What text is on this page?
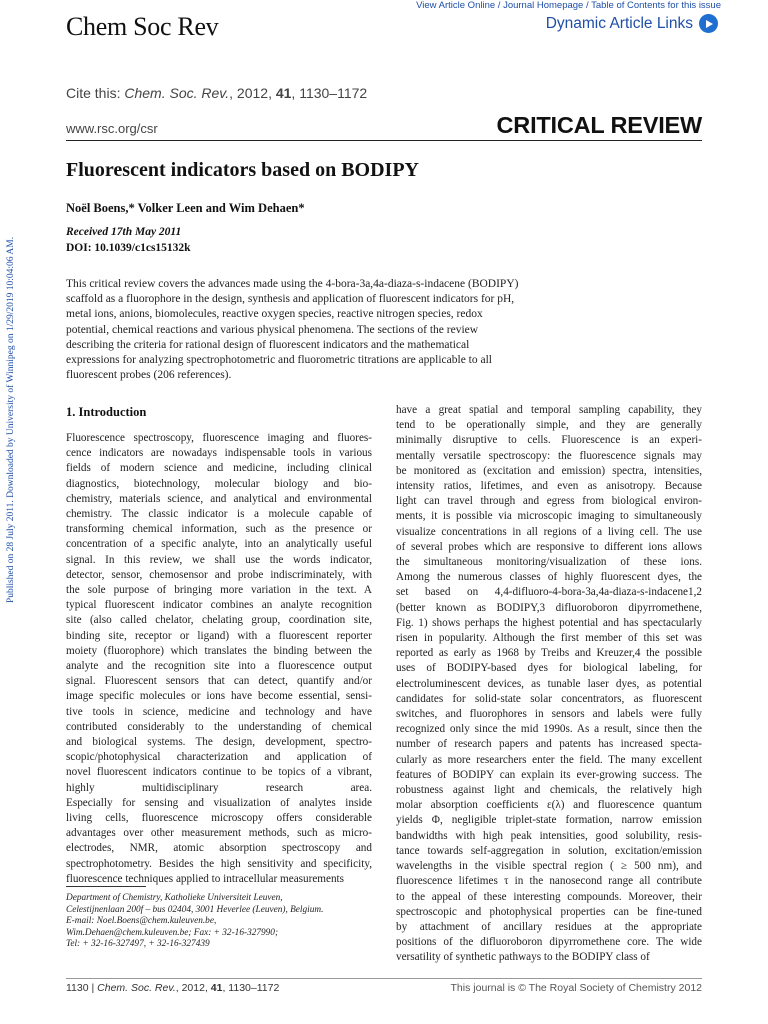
View Article Online / Journal Homepage / Table of Contents for this issue
Chem Soc Rev	Dynamic Article Links
Cite this: Chem. Soc. Rev., 2012, 41, 1130–1172
www.rsc.org/csr	CRITICAL REVIEW
Published on 28 July 2011. Downloaded by University of Winnipeg on 1/29/2019 10:04:06 AM.
Fluorescent indicators based on BODIPY
Noël Boens,* Volker Leen and Wim Dehaen*
Received 17th May 2011
DOI: 10.1039/c1cs15132k
This critical review covers the advances made using the 4-bora-3a,4a-diaza-s-indacene (BODIPY)
scaffold as a fluorophore in the design, synthesis and application of fluorescent indicators for pH,
metal ions, anions, biomolecules, reactive oxygen species, reactive nitrogen species, redox
potential, chemical reactions and various physical phenomena. The sections of the review
describing the criteria for rational design of fluorescent indicators and the mathematical
expressions for analyzing spectrophotometric and fluorometric titrations are applicable to all
fluorescent probes (206 references).
1. Introduction
Fluorescence spectroscopy, fluorescence imaging and fluores-
cence indicators are nowadays indispensable tools in various
fields of modern science and medicine, including clinical
diagnostics, biotechnology, molecular biology and bio-
chemistry, materials science, and analytical and environmental
chemistry. The classic indicator is a molecule capable of
transforming chemical information, such as the presence or
concentration of a specific analyte, into an analytically useful
signal. In this review, we shall use the words indicator,
detector, sensor, chemosensor and probe indiscriminately, with
the sole purpose of bringing more variation in the text. A
typical fluorescent indicator combines an analyte recognition
site (also called chelator, chelating group, coordination site,
binding site, receptor or ligand) with a fluorescent reporter
moiety (fluorophore) which translates the binding between the
analyte and the recognition site into a fluorescence output
signal. Fluorescent sensors that can detect, quantify and/or
image specific molecules or ions have become essential, sensi-
tive tools in science, medicine and technology and have
contributed considerably to the understanding of chemical
and biological systems. The design, development, spectro-
scopic/photophysical characterization and application of
novel fluorescent indicators continue to be topics of a vibrant,
highly multidisciplinary research area.
Especially for sensing and visualization of analytes inside
living cells, fluorescence microscopy offers considerable
advantages over other measurement methods, such as micro-
electrodes, NMR, atomic absorption spectroscopy and
spectrophotometry. Besides the high sensitivity and specificity,
fluorescence techniques applied to intracellular measurements
have a great spatial and temporal sampling capability, they
tend to be operationally simple, and they are generally
minimally disruptive to cells. Fluorescence is an experi-
mentally versatile spectroscopy: the fluorescence signals may
be monitored as (excitation and emission) spectra, intensities,
intensity ratios, lifetimes, and even as anisotropy. Because
light can travel through and egress from biological environ-
ments, it is possible via microscopic imaging to simultaneously
visualize concentrations in all regions of a living cell. The use
of several probes which are responsive to different ions allows
the simultaneous monitoring/visualization of these ions.
Among the numerous classes of highly fluorescent dyes, the
set based on 4,4-difluoro-4-bora-3a,4a-diaza-s-indacene1,2
(better known as BODIPY,3 difluoroboron dipyrromethene,
Fig. 1) shows perhaps the highest potential and has spectacularly
risen in popularity. Although the first member of this set was
reported as early as 1968 by Treibs and Kreuzer,4 the possible
uses of BODIPY-based dyes for biological labeling, for
electroluminescent devices, as tunable laser dyes, as potential
candidates for solid-state solar concentrators, as fluorescent
switches, and fluorophores in sensors and labels were fully
recognized only since the mid 1990s. As a result, since then the
number of research papers and patents has increased specta-
cularly as more researchers enter the field. The many excellent
features of BODIPY can explain its ever-growing success. The
robustness against light and chemicals, the relatively high
molar absorption coefficients ε(λ) and fluorescence quantum
yields Φ, negligible triplet-state formation, narrow emission
bandwidths with high peak intensities, good solubility, resis-
tance towards self-aggregation in solution, excitation/emission
wavelengths in the visible spectral region ( ≥ 500 nm), and
fluorescence lifetimes τ in the nanosecond range all contribute
to the appeal of these interesting compounds. Moreover, their
spectroscopic and photophysical properties can be fine-tuned
by attachment of ancillary residues at the appropriate
positions of the difluoroboron dipyrromethene core. The wide
versatility of synthetic pathways to the BODIPY class of
Department of Chemistry, Katholieke Universiteit Leuven,
Celestijnenlaan 200f – bus 02404, 3001 Heverlee (Leuven), Belgium.
E-mail: Noel.Boens@chem.kuleuven.be,
Wim.Dehaen@chem.kuleuven.be; Fax: + 32-16-327990;
Tel: + 32-16-327497, + 32-16-327439
1130 | Chem. Soc. Rev., 2012, 41, 1130–1172	This journal is © The Royal Society of Chemistry 2012
